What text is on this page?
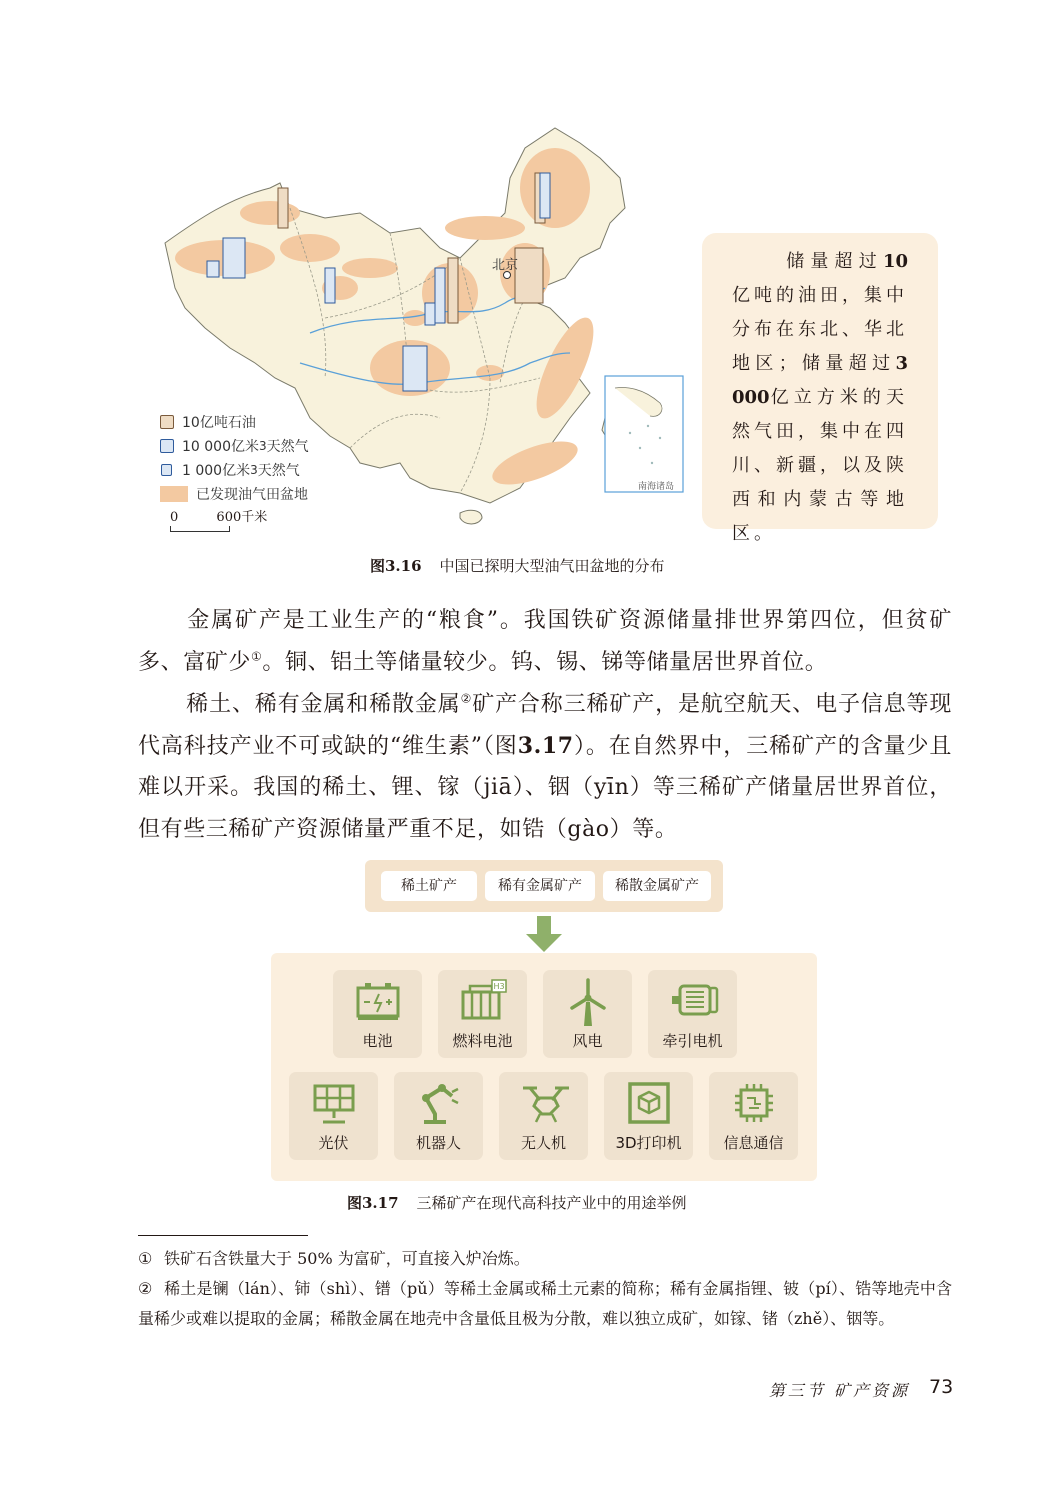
北京
10亿吨石油
10 000亿米 3 天然气
1 000亿米 3 天然气
已发现油气田盆地
0	600千米
南海诸岛
储量超过10亿吨的油田，集中分布在东北、华北地区；储量超过3 000亿立方米的天然气田，集中在四川、新疆，以及陕西和内蒙古等地区。
图3.16 中国已探明大型油气田盆地的分布
金属矿产是工业生产的“粮食”。我国铁矿资源储量排世界第四位，但贫矿多、富矿少①。铜、铝土等储量较少。钨、锡、锑等储量居世界首位。
稀土、稀有金属和稀散金属②矿产合称三稀矿产，是航空航天、电子信息等现代高科技产业不可或缺的“维生素”（图3.17）。在自然界中，三稀矿产的含量少且难以开采。我国的稀土、锂、镓（jiā）、铟（yīn）等三稀矿产储量居世界首位，但有些三稀矿产资源储量严重不足，如锆（gào）等。
稀土矿产	稀有金属矿产	稀散金属矿产
电池
H3
燃料电池	风电	牵引电机
光伏	机器人	无人机	3D打印机	信息通信
图3.17 三稀矿产在现代高科技产业中的用途举例
① 铁矿石含铁量大于 50% 为富矿，可直接入炉冶炼。
② 稀土是镧（lán）、铈（shì）、镨（pǔ）等稀土金属或稀土元素的简称；稀有金属指锂、铍（pí）、锆等地壳中含量稀少或难以提取的金属；稀散金属在地壳中含量低且极为分散，难以独立成矿，如镓、锗（zhě）、铟等。
第三节 矿产资源 73
